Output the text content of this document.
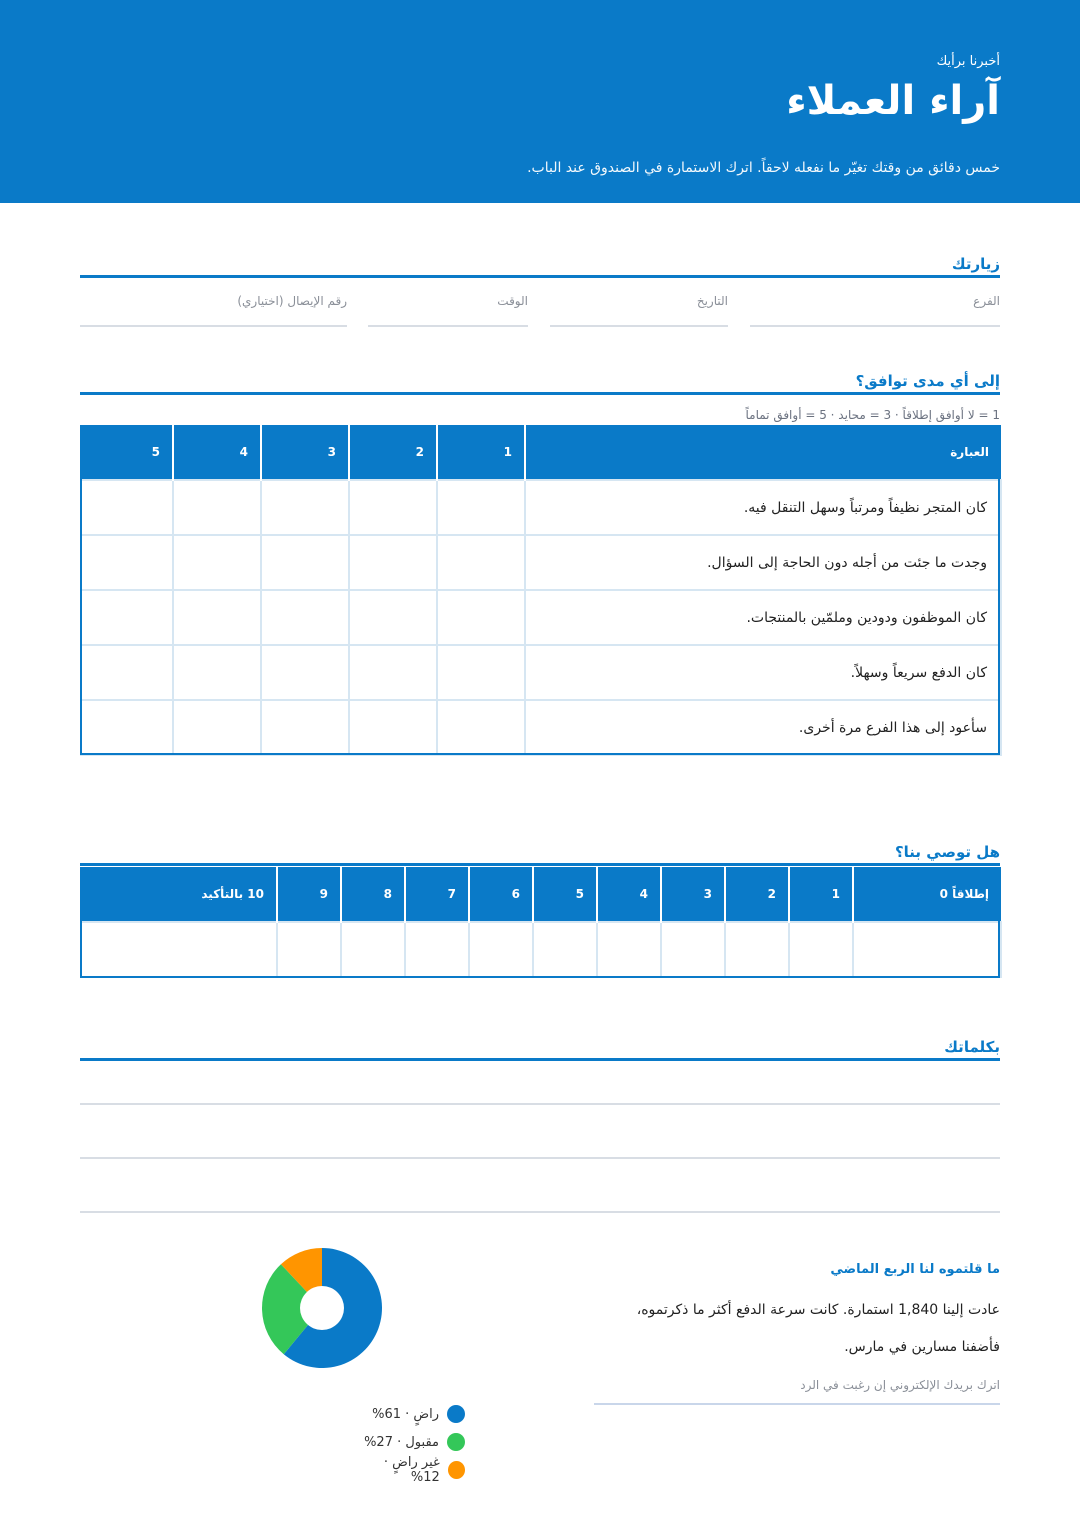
أخبرنا برأيك
آراء العملاء
خمس دقائق من وقتك تغيّر ما نفعله لاحقاً. اترك الاستمارة في الصندوق عند الباب.
زيارتك
الفرع
التاريخ
الوقت
رقم الإيصال (اختياري)
إلى أي مدى توافق؟
1 = لا أوافق إطلاقاً · 3 = محايد · 5 = أوافق تماماً
العبارة	1	2	3	4	5
كان المتجر نظيفاً ومرتباً وسهل التنقل فيه.					
وجدت ما جئت من أجله دون الحاجة إلى السؤال.					
كان الموظفون ودودين وملمّين بالمنتجات.					
كان الدفع سريعاً وسهلاً.					
سأعود إلى هذا الفرع مرة أخرى.					
هل توصي بنا؟
إطلاقاً 0	1	2	3	4	5	6	7	8	9	10 بالتأكيد

بكلماتك
ما قلتموه لنا الربع الماضي
عادت إلينا 1,840 استمارة. كانت سرعة الدفع أكثر ما ذكرتموه، فأضفنا مسارين في مارس.
اترك بريدك الإلكتروني إن رغبت في الرد
راضٍ · 61%
مقبول · 27%
غير راضٍ · 12%
